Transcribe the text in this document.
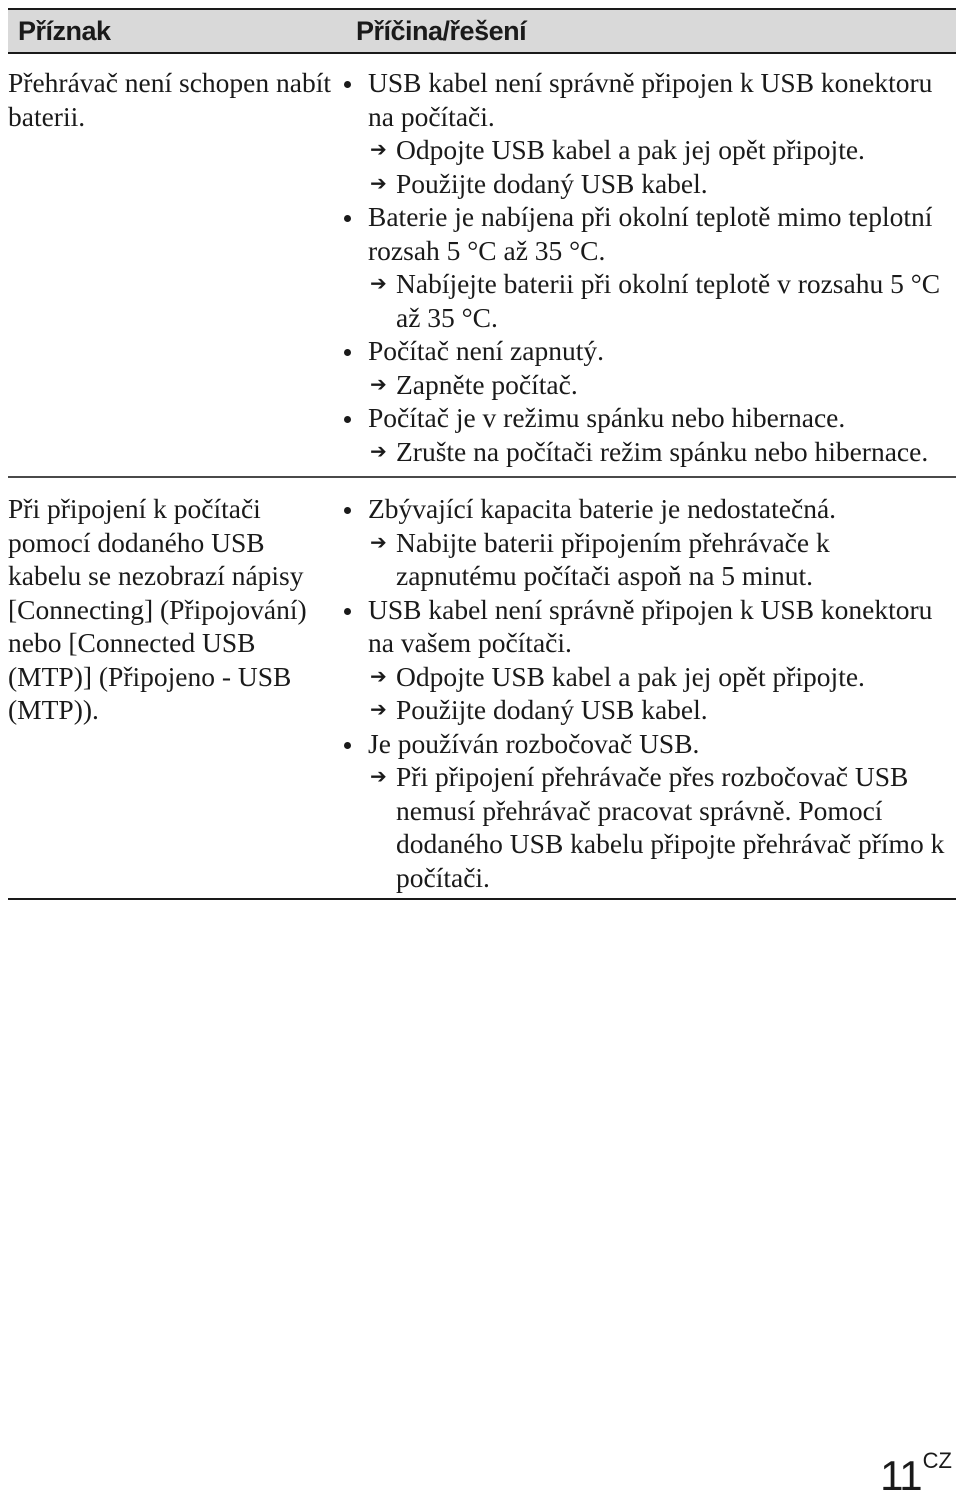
Příznak	Příčina/řešení
Přehrávač není schopen nabít baterii.
USB kabel není správně připojen k USB konektoru na počítači.
➔ Odpojte USB kabel a pak jej opět připojte.
➔ Použijte dodaný USB kabel.
Baterie je nabíjena při okolní teplotě mimo teplotní rozsah 5 °C až 35 °C.
➔ Nabíjejte baterii při okolní teplotě v rozsahu 5 °C až 35 °C.
Počítač není zapnutý.
➔ Zapněte počítač.
Počítač je v režimu spánku nebo hibernace.
➔ Zrušte na počítači režim spánku nebo hibernace.
Při připojení k počítači pomocí dodaného USB kabelu se nezobrazí nápisy [Connecting] (Připojování) nebo [Connected USB (MTP)] (Připojeno - USB (MTP)).
Zbývající kapacita baterie je nedostatečná.
➔ Nabijte baterii připojením přehrávače k zapnutému počítači aspoň na 5 minut.
USB kabel není správně připojen k USB konektoru na vašem počítači.
➔ Odpojte USB kabel a pak jej opět připojte.
➔ Použijte dodaný USB kabel.
Je používán rozbočovač USB.
➔ Při připojení přehrávače přes rozbočovač USB nemusí přehrávač pracovat správně. Pomocí dodaného USB kabelu připojte přehrávač přímo k počítači.
$11^{CZ}$
